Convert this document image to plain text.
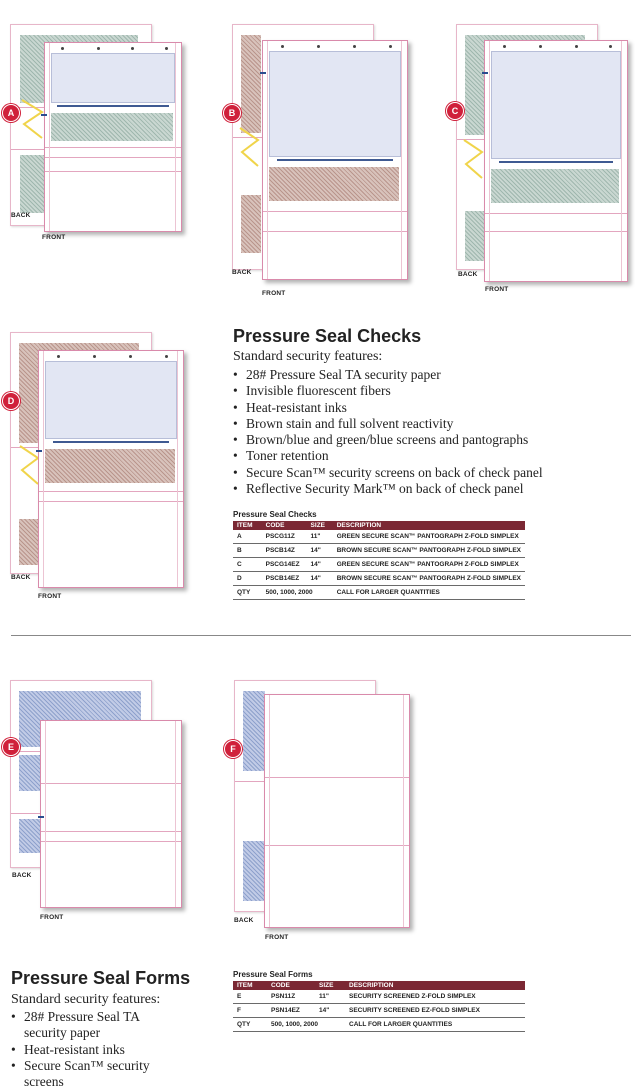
A
BACK
FRONT
B
BACK
FRONT
C
BACK
FRONT
D
BACK
FRONT
Pressure Seal Checks
Standard security features:
• 28# Pressure Seal TA security paper
• Invisible fluorescent fibers
• Heat-resistant inks
• Brown stain and full solvent reactivity
• Brown/blue and green/blue screens and pantographs
• Toner retention
• Secure Scan™ security screens on back of check panel
• Reflective Security Mark™ on back of check panel
Pressure Seal Checks
ITEM	CODE	SIZE	DESCRIPTION
A	PSCG11Z	11"	GREEN SECURE SCAN™ PANTOGRAPH Z-FOLD SIMPLEX
B	PSCB14Z	14"	BROWN SECURE SCAN™ PANTOGRAPH Z-FOLD SIMPLEX
C	PSCG14EZ	14"	GREEN SECURE SCAN™ PANTOGRAPH Z-FOLD SIMPLEX
D	PSCB14EZ	14"	BROWN SECURE SCAN™ PANTOGRAPH Z-FOLD SIMPLEX
QTY	500, 1000, 2000		CALL FOR LARGER QUANTITIES
E
BACK
FRONT
F
BACK
FRONT
Pressure Seal Forms
Standard security features:
• 28# Pressure Seal TA security paper
• Heat-resistant inks
• Secure Scan™ security screens
Pressure Seal Forms
ITEM	CODE	SIZE	DESCRIPTION
E	PSN11Z	11"	SECURITY SCREENED Z-FOLD SIMPLEX
F	PSN14EZ	14"	SECURITY SCREENED EZ-FOLD SIMPLEX
QTY	500, 1000, 2000		CALL FOR LARGER QUANTITIES
